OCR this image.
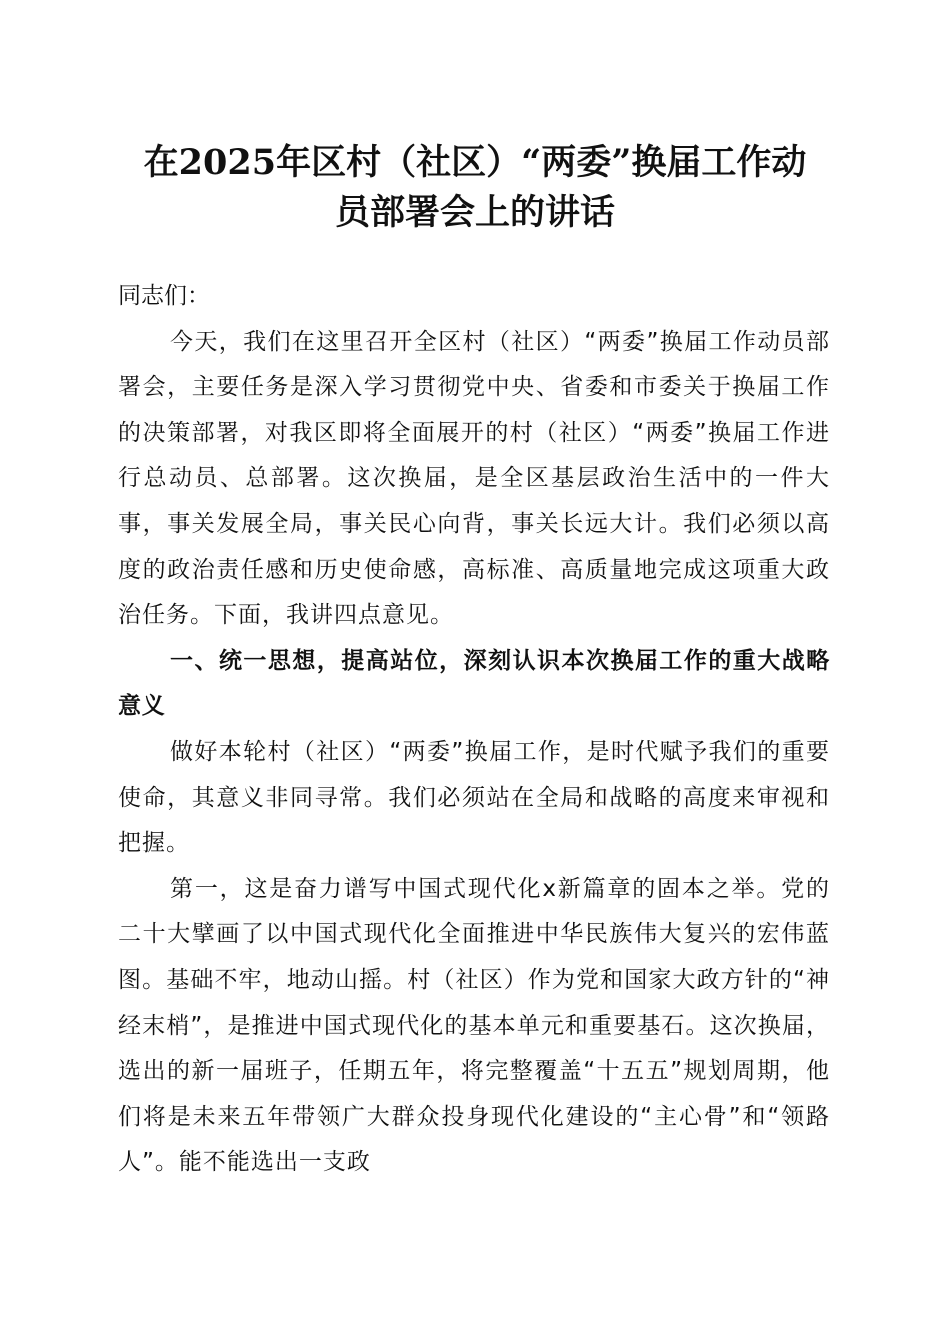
在2025年区村（社区）“两委”换届工作动
员部署会上的讲话

同志们：

今天，我们在这里召开全区村（社区）“两委”换届工作动员部署会，主要任务是深入学习贯彻党中央、省委和市委关于换届工作的决策部署，对我区即将全面展开的村（社区）“两委”换届工作进行总动员、总部署。这次换届，是全区基层政治生活中的一件大事，事关发展全局，事关民心向背，事关长远大计。我们必须以高度的政治责任感和历史使命感，高标准、高质量地完成这项重大政治任务。下面，我讲四点意见。

一、统一思想，提高站位，深刻认识本次换届工作的重大战略意义

做好本轮村（社区）“两委”换届工作，是时代赋予我们的重要使命，其意义非同寻常。我们必须站在全局和战略的高度来审视和把握。

第一，这是奋力谱写中国式现代化x新篇章的固本之举。党的二十大擘画了以中国式现代化全面推进中华民族伟大复兴的宏伟蓝图。基础不牢，地动山摇。村（社区）作为党和国家大政方针的“神经末梢”，是推进中国式现代化的基本单元和重要基石。这次换届，选出的新一届班子，任期五年，将完整覆盖“十五五”规划周期，他们将是未来五年带领广大群众投身现代化建设的“主心骨”和“领路人”。能不能选出一支政
